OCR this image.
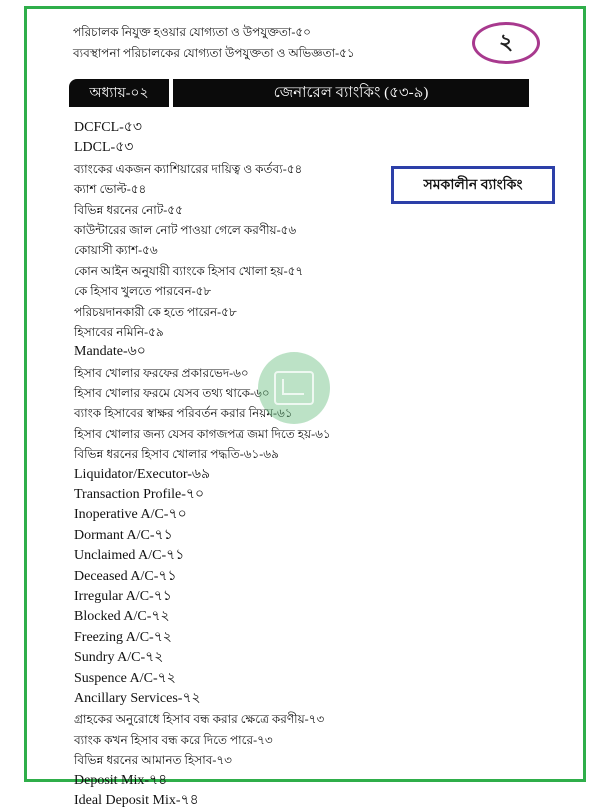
পরিচালক নিযুক্ত হওয়ার যোগ্যতা ও উপযুক্ততা-৫০
ব্যবস্থাপনা পরিচালকের যোগ্যতা উপযুক্ততা ও অভিজ্ঞতা-৫১	২
অধ্যায়-০২	জেনারেল ব্যাংকিং (৫৩-৯)
সমকালীন ব্যাংকিং
DCFCL-৫৩
LDCL-৫৩
ব্যাংকের একজন ক্যাশিয়ারের দায়িত্ব ও কর্তব্য-৫৪
ক্যাশ ভোল্ট-৫৪
বিভিন্ন ধরনের নোট-৫৫
কাউন্টারের জাল নোট পাওয়া গেলে করণীয়-৫৬
কোয়াসী ক্যাশ-৫৬
কোন আইন অনুযায়ী ব্যাংকে হিসাব খোলা হয়-৫৭
কে হিসাব খুলতে পারবেন-৫৮
পরিচয়দানকারী কে হতে পারেন-৫৮
হিসাবের নমিনি-৫৯
Mandate-৬০
হিসাব খোলার ফরফের প্রকারভেদ-৬০
হিসাব খোলার ফরমে যেসব তথ্য থাকে-৬০
ব্যাংক হিসাবের স্বাক্ষর পরিবর্তন করার নিয়ম-৬১
হিসাব খোলার জন্য যেসব কাগজপত্র জমা দিতে হয়-৬১
বিভিন্ন ধরনের হিসাব খোলার পদ্ধতি-৬১-৬৯
Liquidator/Executor-৬৯
Transaction Profile-৭০
Inoperative A/C-৭০
Dormant A/C-৭১
Unclaimed A/C-৭১
Deceased A/C-৭১
Irregular A/C-৭১
Blocked A/C-৭২
Freezing A/C-৭২
Sundry A/C-৭২
Suspence A/C-৭২
Ancillary Services-৭২
গ্রাহকের অনুরোধে হিসাব বন্ধ করার ক্ষেত্রে করণীয়-৭৩
ব্যাংক কখন হিসাব বন্ধ করে দিতে পারে-৭৩
বিভিন্ন ধরনের আমানত হিসাব-৭৩
Deposit Mix-৭৪
Ideal Deposit Mix-৭৪
